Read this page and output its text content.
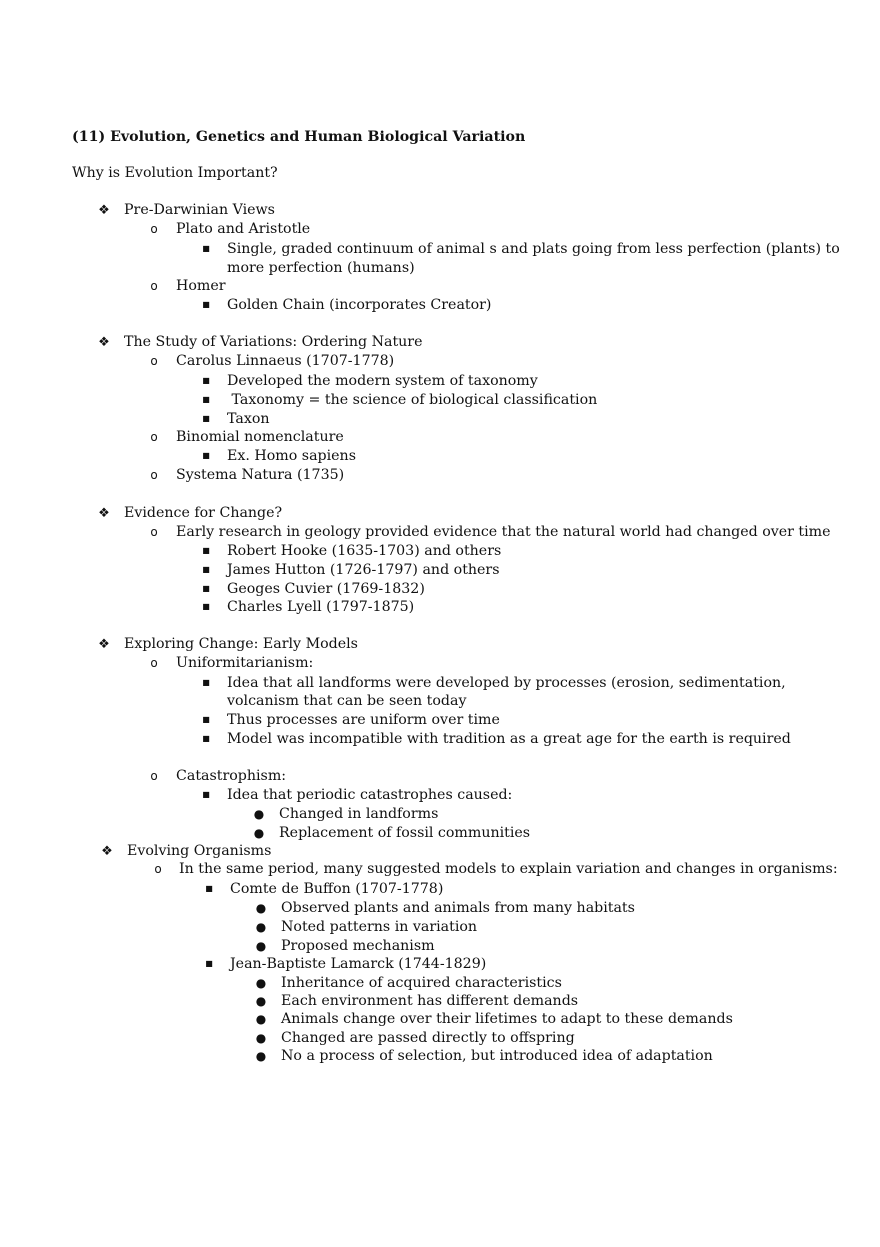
(11) Evolution, Genetics and Human Biological Variation
Why is Evolution Important?
❖ Pre-Darwinian Views
o Plato and Aristotle
■ Single, graded continuum of animal s and plats going from less perfection (plants) to
more perfection (humans)
o Homer
■ Golden Chain (incorporates Creator)
❖ The Study of Variations: Ordering Nature
o Carolus Linnaeus (1707-1778)
■ Developed the modern system of taxonomy
■ Taxonomy = the science of biological classification
■ Taxon
o Binomial nomenclature
■ Ex. Homo sapiens
o Systema Natura (1735)
❖ Evidence for Change?
o Early research in geology provided evidence that the natural world had changed over time
■ Robert Hooke (1635-1703) and others
■ James Hutton (1726-1797) and others
■ Geoges Cuvier (1769-1832)
■ Charles Lyell (1797-1875)
❖ Exploring Change: Early Models
o Uniformitarianism:
■ Idea that all landforms were developed by processes (erosion, sedimentation,
volcanism that can be seen today
■ Thus processes are uniform over time
■ Model was incompatible with tradition as a great age for the earth is required
o Catastrophism:
■ Idea that periodic catastrophes caused:
● Changed in landforms
● Replacement of fossil communities
❖ Evolving Organisms
o In the same period, many suggested models to explain variation and changes in organisms:
■ Comte de Buffon (1707-1778)
● Observed plants and animals from many habitats
● Noted patterns in variation
● Proposed mechanism
■ Jean-Baptiste Lamarck (1744-1829)
● Inheritance of acquired characteristics
● Each environment has different demands
● Animals change over their lifetimes to adapt to these demands
● Changed are passed directly to offspring
● No a process of selection, but introduced idea of adaptation
